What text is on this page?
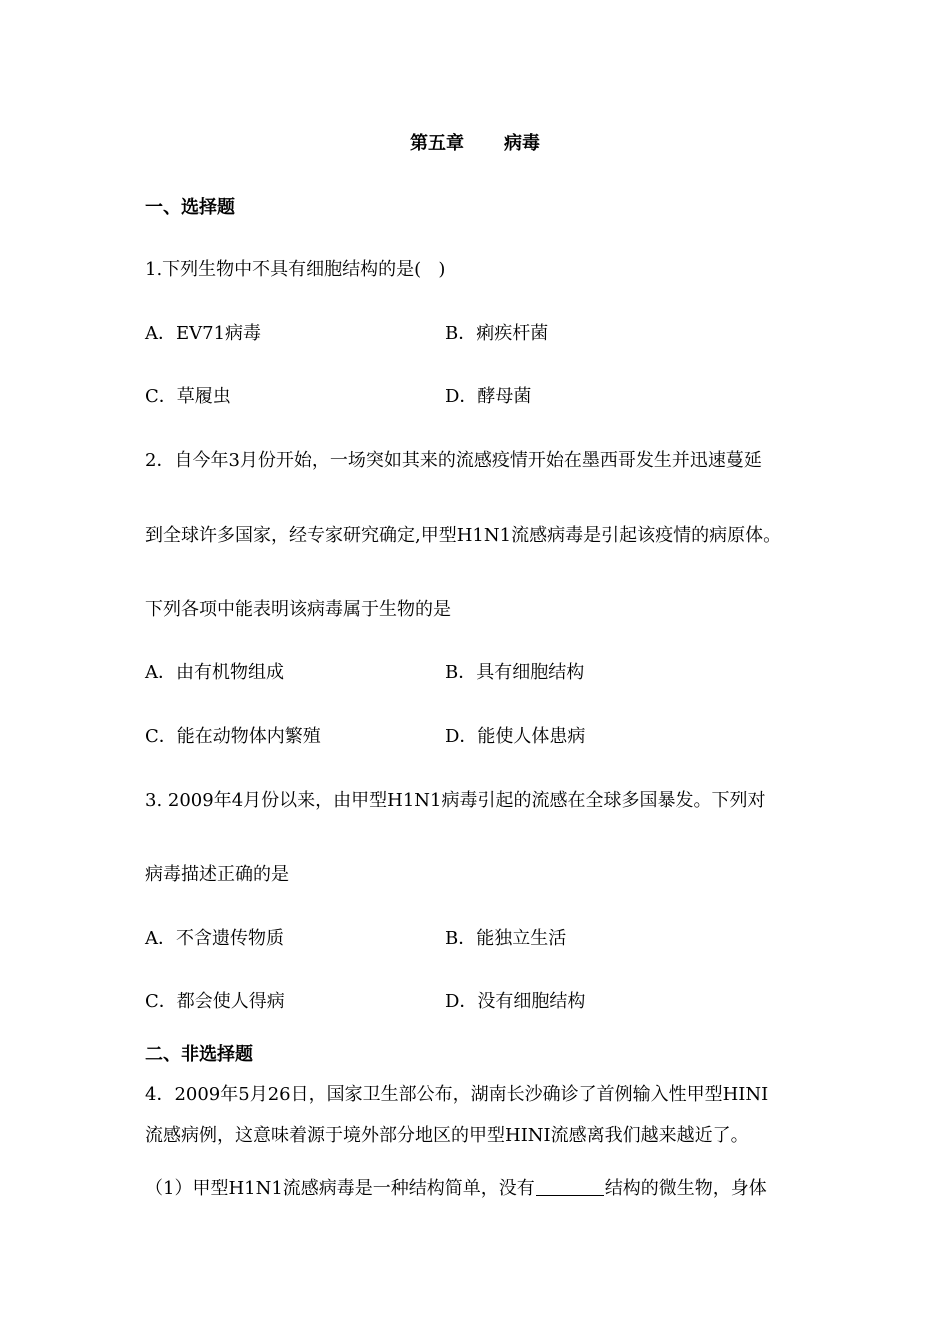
第五章 病毒
一、选择题
1.下列生物中不具有细胞结构的是(   )
A．EV71病毒	B．痢疾杆菌
C．草履虫	D．酵母菌
2．自今年3月份开始，一场突如其来的流感疫情开始在墨西哥发生并迅速蔓延
到全球许多国家，经专家研究确定,甲型H1N1流感病毒是引起该疫情的病原体。
下列各项中能表明该病毒属于生物的是
A．由有机物组成	B．具有细胞结构
C．能在动物体内繁殖	D．能使人体患病
3. 2009年4月份以来，由甲型H1N1病毒引起的流感在全球多国暴发。下列对
病毒描述正确的是
A．不含遗传物质	B．能独立生活
C．都会使人得病	D．没有细胞结构
二、非选择题
4．2009年5月26日，国家卫生部公布，湖南长沙确诊了首例输入性甲型HINI
流感病例，这意味着源于境外部分地区的甲型HINI流感离我们越来越近了。
（1）甲型H1N1流感病毒是一种结构简单，没有	结构的微生物，身体
